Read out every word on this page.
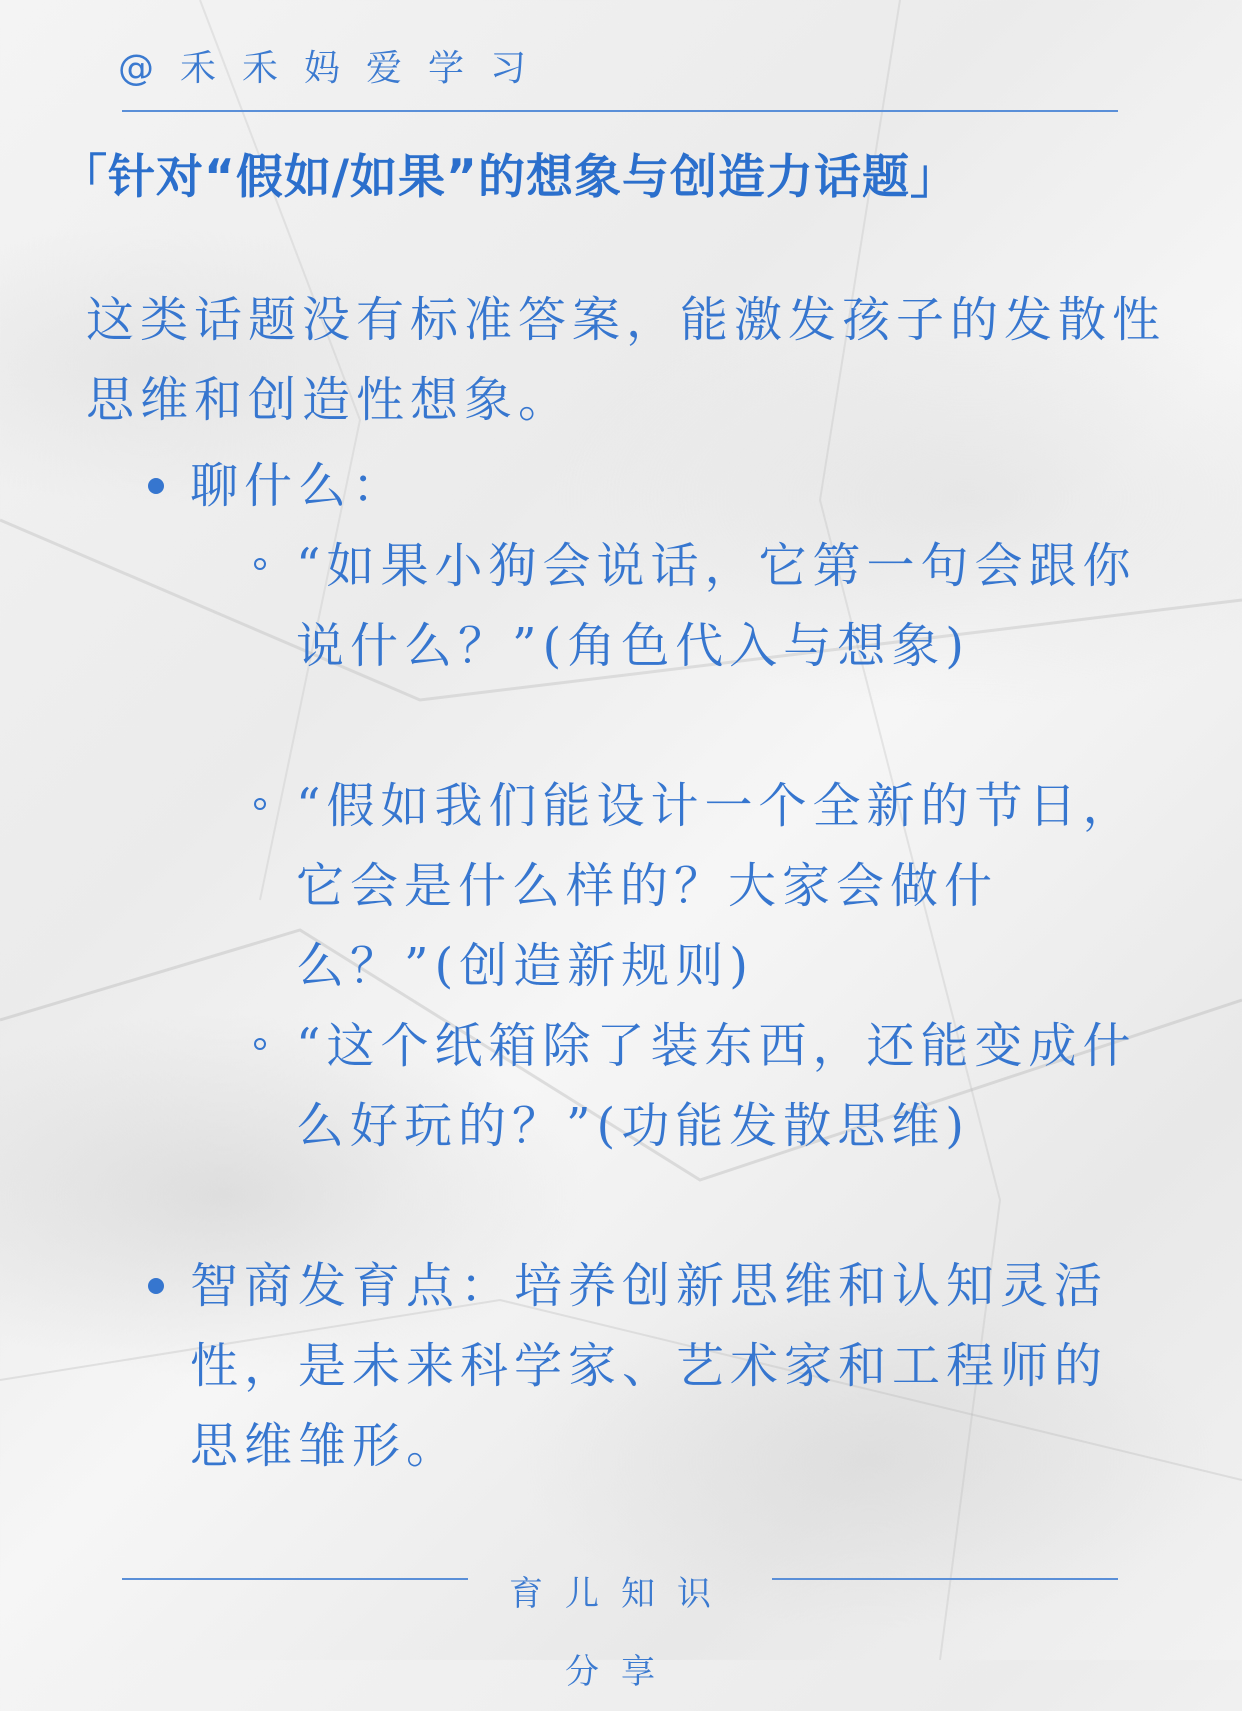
@禾禾妈爱学习
「针对“假如/如果”的想象与创造力话题」
这类话题没有标准答案，能激发孩子的发散性思维和创造性想象。
聊什么：
“如果小狗会说话，它第一句会跟你说什么？”(角色代入与想象)
“假如我们能设计一个全新的节日，它会是什么样的？大家会做什么？”(创造新规则)
“这个纸箱除了装东西，还能变成什么好玩的？”(功能发散思维)
智商发育点：培养创新思维和认知灵活性，是未来科学家、艺术家和工程师的思维雏形。
育儿知识
分享
